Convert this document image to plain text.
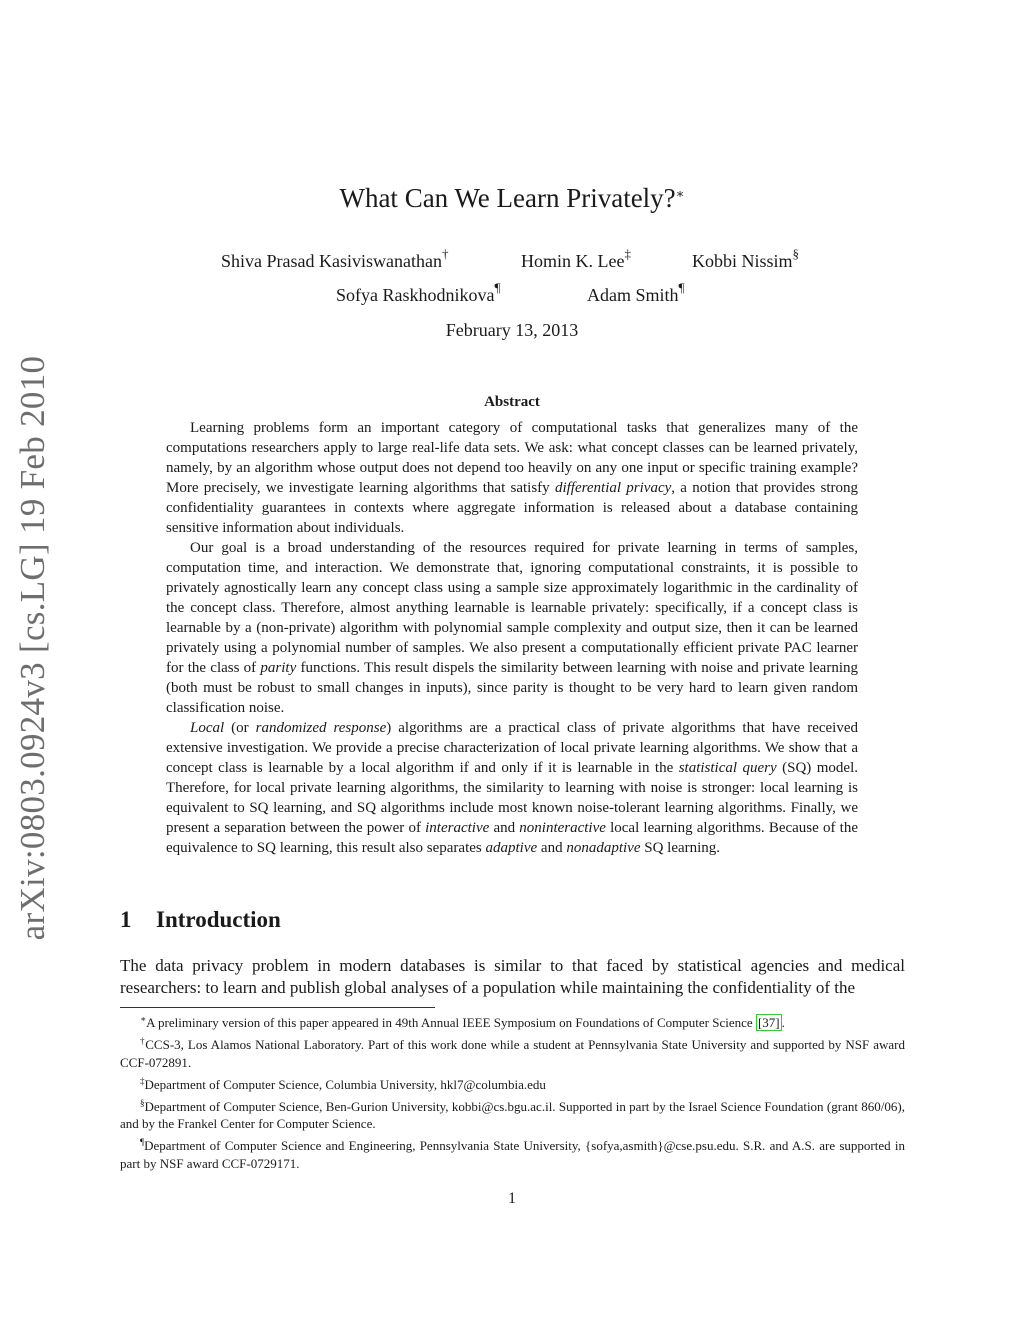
arXiv:0803.0924v3 [cs.LG] 19 Feb 2010
What Can We Learn Privately?∗
Shiva Prasad Kasiviswanathan†	Homin K. Lee‡	Kobbi Nissim§
Sofya Raskhodnikova¶	Adam Smith¶
February 13, 2013
Abstract

Learning problems form an important category of computational tasks that generalizes many of the computations researchers apply to large real-life data sets. We ask: what concept classes can be learned privately, namely, by an algorithm whose output does not depend too heavily on any one input or specific training example? More precisely, we investigate learning algorithms that satisfy differential privacy, a notion that provides strong confidentiality guarantees in contexts where aggregate information is released about a database containing sensitive information about individuals.

Our goal is a broad understanding of the resources required for private learning in terms of samples, computation time, and interaction. We demonstrate that, ignoring computational constraints, it is possible to privately agnostically learn any concept class using a sample size approximately logarithmic in the cardinality of the concept class. Therefore, almost anything learnable is learnable privately: specifically, if a concept class is learnable by a (non-private) algorithm with polynomial sample complexity and output size, then it can be learned privately using a polynomial number of samples. We also present a computationally efficient private PAC learner for the class of parity functions. This result dispels the similarity between learning with noise and private learning (both must be robust to small changes in inputs), since parity is thought to be very hard to learn given random classification noise.

Local (or randomized response) algorithms are a practical class of private algorithms that have received extensive investigation. We provide a precise characterization of local private learning algorithms. We show that a concept class is learnable by a local algorithm if and only if it is learnable in the statistical query (SQ) model. Therefore, for local private learning algorithms, the similarity to learning with noise is stronger: local learning is equivalent to SQ learning, and SQ algorithms include most known noise-tolerant learning algorithms. Finally, we present a separation between the power of interactive and noninteractive local learning algorithms. Because of the equivalence to SQ learning, this result also separates adaptive and nonadaptive SQ learning.

1 Introduction

The data privacy problem in modern databases is similar to that faced by statistical agencies and medical researchers: to learn and publish global analyses of a population while maintaining the confidentiality of the

∗A preliminary version of this paper appeared in 49th Annual IEEE Symposium on Foundations of Computer Science [37] .

†CCS-3, Los Alamos National Laboratory. Part of this work done while a student at Pennsylvania State University and supported by NSF award CCF-072891.

‡Department of Computer Science, Columbia University, hkl7@columbia.edu

§Department of Computer Science, Ben-Gurion University, kobbi@cs.bgu.ac.il. Supported in part by the Israel Science Foundation (grant 860/06), and by the Frankel Center for Computer Science.

¶Department of Computer Science and Engineering, Pennsylvania State University, {sofya,asmith}@cse.psu.edu. S.R. and A.S. are supported in part by NSF award CCF-0729171.

1
